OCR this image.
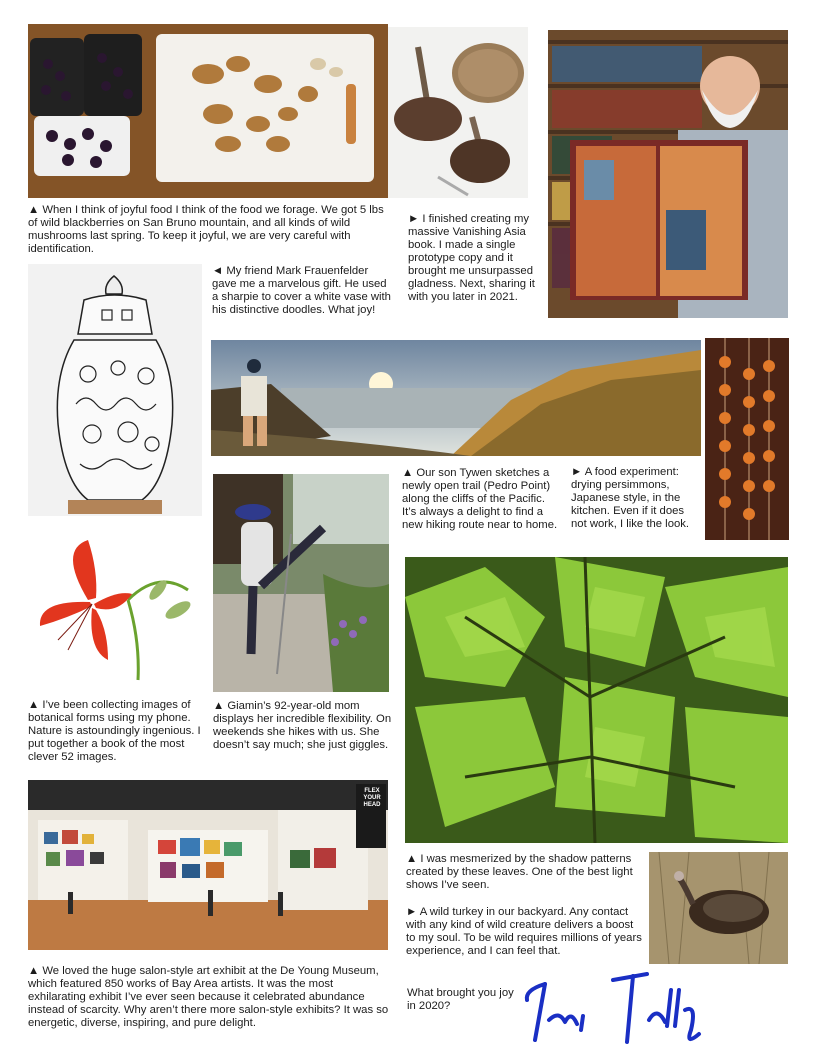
▲ When I think of joyful food I think of the food we forage. We got 5 lbs of wild blackberries on San Bruno mountain, and all kinds of wild mushrooms last spring. To keep it joyful, we are very careful with identification.
► I finished creating my massive Vanishing Asia book. I made a single prototype copy and it brought me unsurpassed gladness. Next, sharing it with you later in 2021.
◄ My friend Mark Frauenfelder gave me a marvelous gift. He used a sharpie to cover a white vase with his distinctive doodles. What joy!
▲ Our son Tywen sketches a newly open trail (Pedro Point) along the cliffs of the Pacific. It’s always a delight to find a new hiking route near to home.
► A food experiment: drying persimmons, Japanese style, in the kitchen. Even if it does not work, I like the look.
▲ I’ve been collecting images of botanical forms using my phone. Nature is astoundingly ingenious. I put together a book of the most clever 52 images.
▲ Giamin’s 92-year-old mom displays her incredible flexibility. On weekends she hikes with us. She doesn’t say much; she just giggles.
FLEX YOUR HEAD
▲ I was mesmerized by the shadow patterns created by these leaves. One of the best light shows I’ve seen.
► A wild turkey in our backyard. Any contact with any kind of wild creature delivers a boost to my soul. To be wild requires millions of years experience, and I can feel that.
▲ We loved the huge salon-style art exhibit at the De Young Museum, which featured 850 works of Bay Area artists. It was the most exhilarating exhibit I’ve ever seen because it celebrated abundance instead of scarcity. Why aren’t there more salon-style exhibits? It was so energetic, diverse, inspiring, and pure delight.
What brought you joy in 2020?
